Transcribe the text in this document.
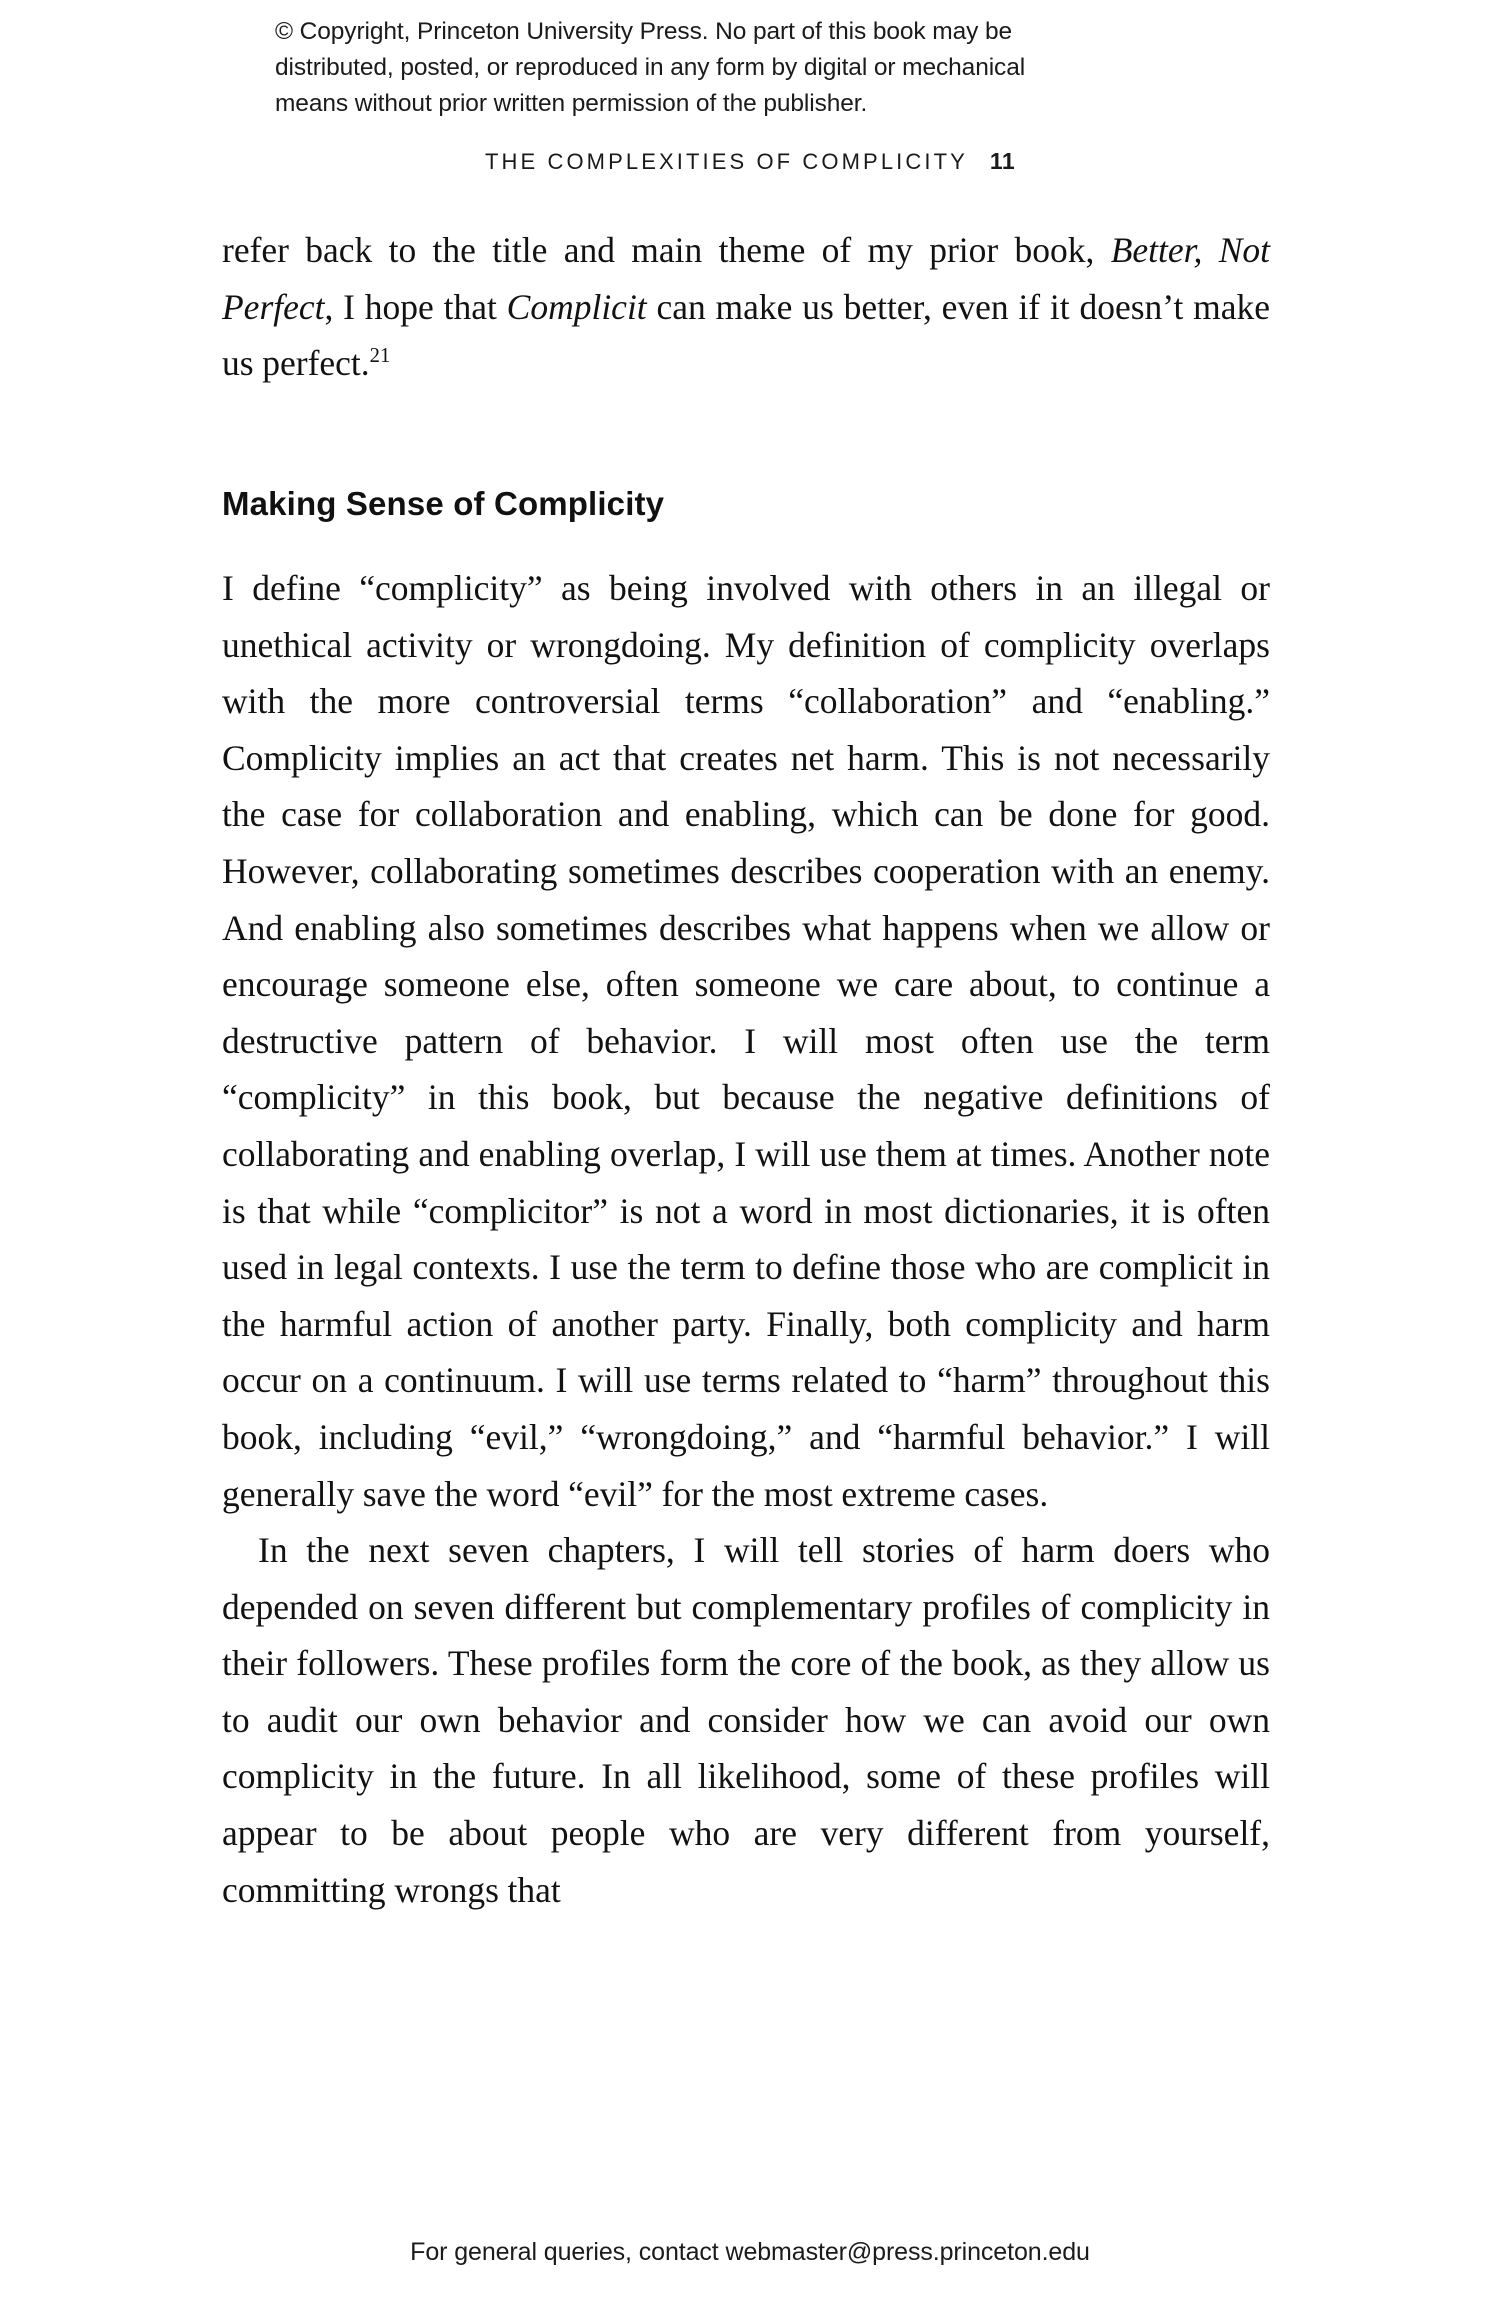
© Copyright, Princeton University Press. No part of this book may be
distributed, posted, or reproduced in any form by digital or mechanical
means without prior written permission of the publisher.
THE COMPLEXITIES OF COMPLICITY 11

refer back to the title and main theme of my prior book, Better, Not Perfect, I hope that Complicit can make us better, even if it doesn’t make us perfect.$^{21}$

Making Sense of Complicity

I define “complicity” as being involved with others in an illegal or unethical activity or wrongdoing. My definition of complicity overlaps with the more controversial terms “collaboration” and “enabling.” Complicity implies an act that creates net harm. This is not necessarily the case for collaboration and enabling, which can be done for good. However, collaborating sometimes describes cooperation with an enemy. And enabling also sometimes describes what happens when we allow or encourage someone else, often someone we care about, to continue a destructive pattern of behavior. I will most often use the term “complicity” in this book, but because the negative definitions of collaborating and enabling overlap, I will use them at times. Another note is that while “complicitor” is not a word in most dictionaries, it is often used in legal contexts. I use the term to define those who are complicit in the harmful action of another party. Finally, both complicity and harm occur on a continuum. I will use terms related to “harm” throughout this book, including “evil,” “wrongdoing,” and “harmful behavior.” I will generally save the word “evil” for the most extreme cases.

In the next seven chapters, I will tell stories of harm doers who depended on seven different but complementary profiles of complicity in their followers. These profiles form the core of the book, as they allow us to audit our own behavior and consider how we can avoid our own complicity in the future. In all likelihood, some of these profiles will appear to be about people who are very different from yourself, committing wrongs that

For general queries, contact webmaster@press.princeton.edu
